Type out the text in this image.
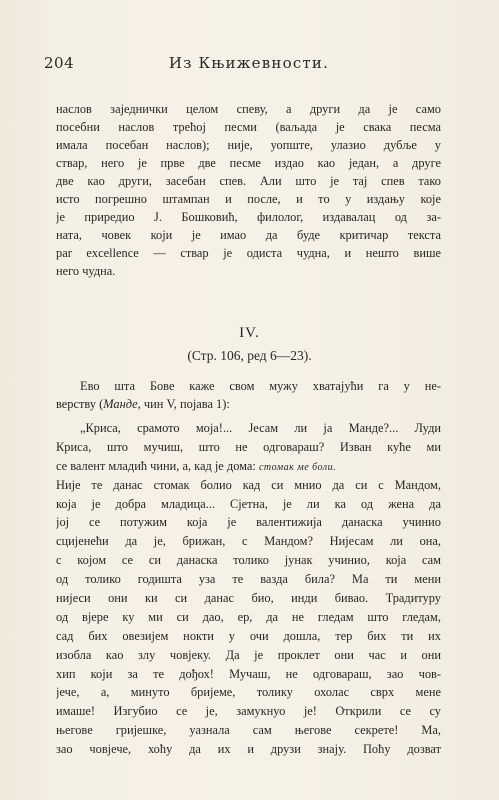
204	Из Књижевности.
наслов заједнички целом спеву, а други да је само
посебни наслов трећој песми (ваљада је свака песма
имала посебан наслов); није, уопште, улазио дубље у
ствар, него је прве две песме издао као један, а друге
две као други, засебан спев. Али што је тај спев тако
исто погрешно штампан и после, и то у издању које
је приредио Ј. Бошковић, филолог, издавалац од за-
ната, човек који је имао да буде критичар текста
par excellence — ствар је одиста чудна, и нешто више
него чудна.
IV.
(Стр. 106, ред 6—23).
Ево шта Бове каже свом мужу хватајући га у не-
верству (Манде, чин V, појава 1):
„Криса, срамото моја!... Јесам ли ја Манде?... Луди
Криса, што мучиш, што не одговараш? Изван куће ми
се валент младић чини, а, кад је дома: стомак ме боли.
Није те данас стомак болио кад си мнио да си с Мандом,
која је добра младица... Сјетна, је ли ка од жена да
јој се потужим која је валентижија данаска учинио
сцијенећи да је, брижан, с Мандом? Нијесам ли она,
с којом се си данаска толико јунак учинио, која сам
од толико годишта уза те вазда била? Ма ти мени
нијеси они ки си данас био, инди бивао. Традитуру
од вјере ку ми си дао, ер, да не гледам што гледам,
сад бих овезијем нокти у очи дошла, тер бих ти их
изобла као злу човјеку. Да је проклет они час и они
хип који за те дођох! Мучаш, не одговараш, зао чов-
јече, а, минуто бријеме, толику охолас сврх мене
имаше! Изгубио се је, замукнуо је! Открили се су
његове гријешке, уазнала сам његове секрете! Ма,
зао човјече, хоћу да их и друзи знају. Поћу дозват
